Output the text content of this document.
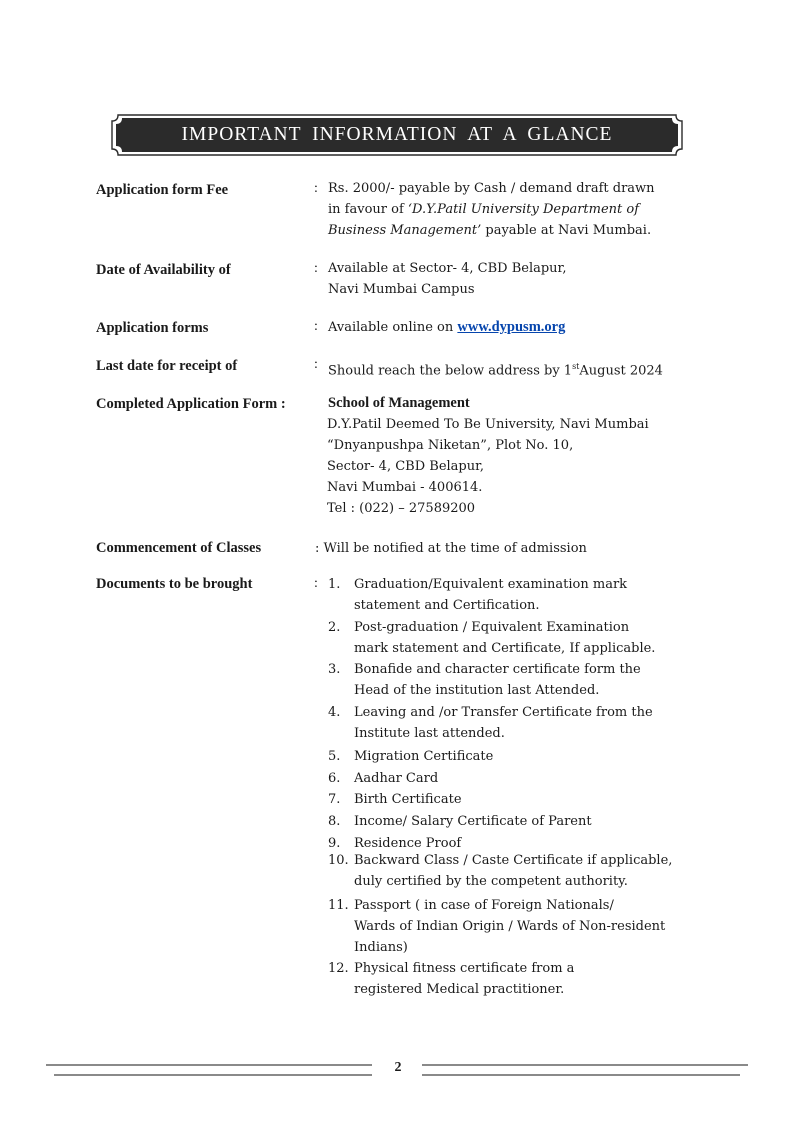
IMPORTANT INFORMATION AT A GLANCE
Application form Fee	: Rs. 2000/- payable by Cash / demand draft drawn
in favour of ‘D.Y.Patil University Department of
Business Management’ payable at Navi Mumbai.
Date of Availability of	: Available at Sector- 4, CBD Belapur,
Navi Mumbai Campus
Application forms	: Available online on www.dypusm.org
Last date for receipt of	: Should reach the below address by 1stAugust 2024
Completed Application Form :	School of Management
D.Y.Patil Deemed To Be University, Navi Mumbai
“Dnyanpushpa Niketan”, Plot No. 10,
Sector- 4, CBD Belapur,
Navi Mumbai - 400614.
Tel : (022) – 27589200
Commencement of Classes	: Will be notified at the time of admission
Documents to be brought	: 1. Graduation/Equivalent examination mark
statement and Certification.
2. Post-graduation / Equivalent Examination
mark statement and Certificate, If applicable.
3. Bonafide and character certificate form the
Head of the institution last Attended.
4. Leaving and /or Transfer Certificate from the
Institute last attended.
5. Migration Certificate
6. Aadhar Card
7. Birth Certificate
8. Income/ Salary Certificate of Parent
9. Residence Proof
10. Backward Class / Caste Certificate if applicable,
duly certified by the competent authority.
11. Passport ( in case of Foreign Nationals/
Wards of Indian Origin / Wards of Non-resident
Indians)
12. Physical fitness certificate from a
registered Medical practitioner.
2
